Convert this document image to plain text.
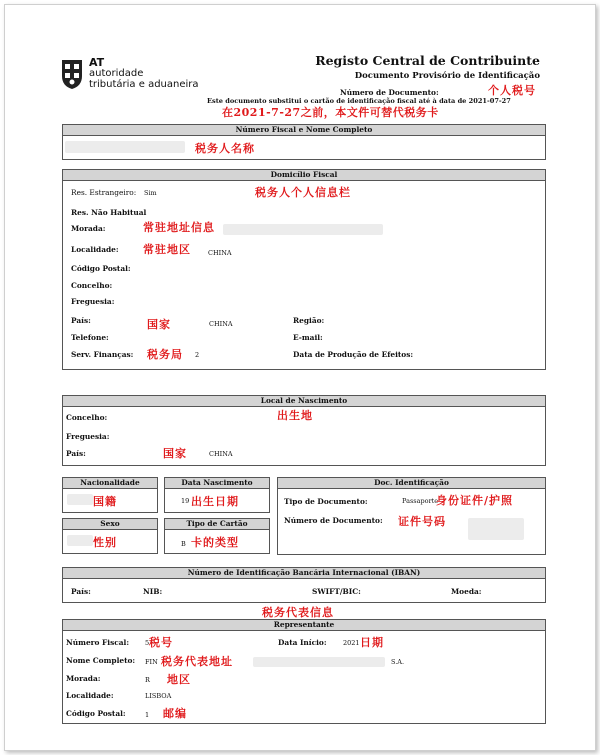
AT
autoridade
tributária e aduaneira
Registo Central de Contribuinte
Documento Provisório de Identificação
Número de Documento:	个人税号
Este documento substitui o cartão de identificação fiscal até à data de 2021-07-27
在2021-7-27之前，本文件可替代税务卡
Número Fiscal e Nome Completo
税务人名称
Domicílio Fiscal
税务人个人信息栏
Res. Estrangeiro: Sim
Res. Não Habitual
Morada:	常驻地址信息
Localidade: 常驻地区	CHINA
Código Postal:
Concelho:
Freguesia:
País:	国家	CHINA	Região:
Telefone:	E-mail:
Serv. Finanças: 税务局 2	Data de Produção de Efeitos:
Local de Nascimento
出生地
Concelho:
Freguesia:
País:	国家	CHINA
Nacionalidade
国籍
Data Nascimento
19 出生日期
Doc. Identificação
Tipo de Documento:	Passaporte
身份证件/护照
Número de Documento: 证件号码
Sexo
性别
Tipo de Cartão
B 卡的类型
Número de Identificação Bancária Internacional (IBAN)
País:	NIB:	SWIFT/BIC:	Moeda:
税务代表信息
Representante
Número Fiscal: 5 税号	Data Início:	2021 日期
Nome Completo: FIN 税务代表地址	S.A.
Morada:	R 地区
Localidade:	LISBOA
Código Postal:	1 邮编
